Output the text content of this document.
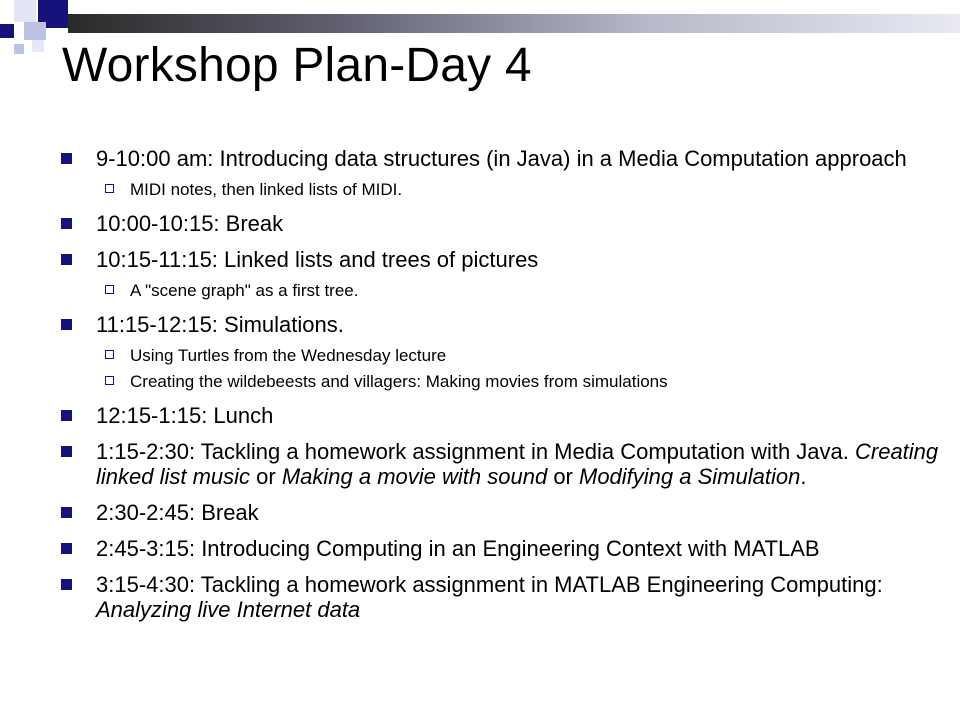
Workshop Plan-Day 4
9-10:00 am: Introducing data structures (in Java) in a Media Computation approach
MIDI notes, then linked lists of MIDI.
10:00-10:15: Break
10:15-11:15: Linked lists and trees of pictures
A "scene graph" as a first tree.
11:15-12:15: Simulations.
Using Turtles from the Wednesday lecture
Creating the wildebeests and villagers: Making movies from simulations
12:15-1:15: Lunch
1:15-2:30: Tackling a homework assignment in Media Computation with Java. Creating linked list music or Making a movie with sound or Modifying a Simulation.
2:30-2:45: Break
2:45-3:15: Introducing Computing in an Engineering Context with MATLAB
3:15-4:30: Tackling a homework assignment in MATLAB Engineering Computing: Analyzing live Internet data
